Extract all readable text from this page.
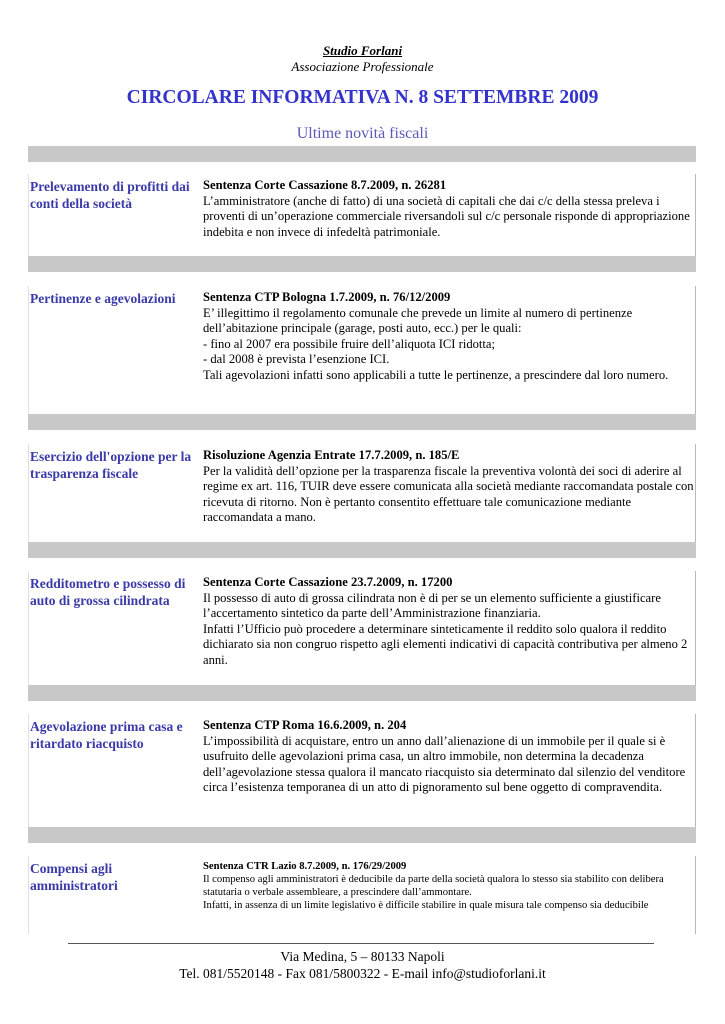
Studio Forlani
Associazione Professionale
CIRCOLARE INFORMATIVA N. 8 SETTEMBRE 2009
Ultime novità fiscali
Prelevamento di profitti dai conti della società
Sentenza Corte Cassazione 8.7.2009, n. 26281
L’amministratore (anche di fatto) di una società di capitali che dai c/c della stessa preleva i proventi di un’operazione commerciale riversandoli sul c/c personale risponde di appropriazione indebita e non invece di infedeltà patrimoniale.
Pertinenze e agevolazioni	Sentenza CTP Bologna 1.7.2009, n. 76/12/2009
E’ illegittimo il regolamento comunale che prevede un limite al numero di pertinenze dell’abitazione principale (garage, posti auto, ecc.) per le quali:
- fino al 2007 era possibile fruire dell’aliquota ICI ridotta;
- dal 2008 è prevista l’esenzione ICI.
Tali agevolazioni infatti sono applicabili a tutte le pertinenze, a prescindere dal loro numero.
Esercizio dell'opzione per la trasparenza fiscale
Risoluzione Agenzia Entrate 17.7.2009, n. 185/E
Per la validità dell’opzione per la trasparenza fiscale la preventiva volontà dei soci di aderire al regime ex art. 116, TUIR deve essere comunicata alla società mediante raccomandata postale con ricevuta di ritorno. Non è pertanto consentito effettuare tale comunicazione mediante raccomandata a mano.
Redditometro e possesso di auto di grossa cilindrata
Sentenza Corte Cassazione 23.7.2009, n. 17200
Il possesso di auto di grossa cilindrata non è di per se un elemento sufficiente a giustificare l’accertamento sintetico da parte dell’Amministrazione finanziaria.
Infatti l’Ufficio può procedere a determinare sinteticamente il reddito solo qualora il reddito dichiarato sia non congruo rispetto agli elementi indicativi di capacità contributiva per almeno 2 anni.
Agevolazione prima casa e ritardato riacquisto
Sentenza CTP Roma 16.6.2009, n. 204
L’impossibilità di acquistare, entro un anno dall’alienazione di un immobile per il quale si è usufruito delle agevolazioni prima casa, un altro immobile, non determina la decadenza dell’agevolazione stessa qualora il mancato riacquisto sia determinato dal silenzio del venditore circa l’esistenza temporanea di un atto di pignoramento sul bene oggetto di compravendita.
Compensi agli amministratori
Sentenza CTR Lazio 8.7.2009, n. 176/29/2009
Il compenso agli amministratori è deducibile da parte della società qualora lo stesso sia stabilito con delibera statutaria o verbale assembleare, a prescindere dall’ammontare.
Infatti, in assenza di un limite legislativo è difficile stabilire in quale misura tale compenso sia deducibile
Via Medina, 5 – 80133 Napoli
Tel. 081/5520148 - Fax 081/5800322 - E-mail info@studioforlani.it
